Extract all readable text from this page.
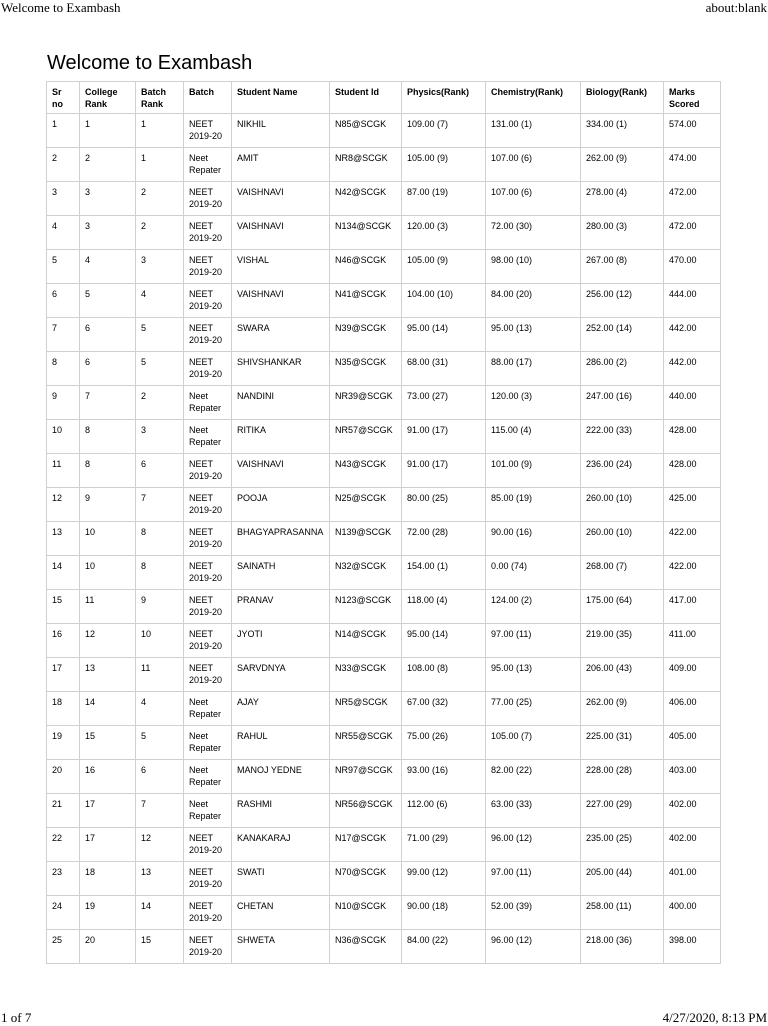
Welcome to Exambash	about:blank
Welcome to Exambash
Sr no	College Rank	Batch Rank	Batch	Student Name	Student Id	Physics(Rank)	Chemistry(Rank)	Biology(Rank)	Marks Scored
1	1	1	NEET 2019-20	NIKHIL	N85@SCGK	109.00 (7)	131.00 (1)	334.00 (1)	574.00
2	2	1	Neet Repater	AMIT	NR8@SCGK	105.00 (9)	107.00 (6)	262.00 (9)	474.00
3	3	2	NEET 2019-20	VAISHNAVI	N42@SCGK	87.00 (19)	107.00 (6)	278.00 (4)	472.00
4	3	2	NEET 2019-20	VAISHNAVI	N134@SCGK	120.00 (3)	72.00 (30)	280.00 (3)	472.00
5	4	3	NEET 2019-20	VISHAL	N46@SCGK	105.00 (9)	98.00 (10)	267.00 (8)	470.00
6	5	4	NEET 2019-20	VAISHNAVI	N41@SCGK	104.00 (10)	84.00 (20)	256.00 (12)	444.00
7	6	5	NEET 2019-20	SWARA	N39@SCGK	95.00 (14)	95.00 (13)	252.00 (14)	442.00
8	6	5	NEET 2019-20	SHIVSHANKAR	N35@SCGK	68.00 (31)	88.00 (17)	286.00 (2)	442.00
9	7	2	Neet Repater	NANDINI	NR39@SCGK	73.00 (27)	120.00 (3)	247.00 (16)	440.00
10	8	3	Neet Repater	RITIKA	NR57@SCGK	91.00 (17)	115.00 (4)	222.00 (33)	428.00
11	8	6	NEET 2019-20	VAISHNAVI	N43@SCGK	91.00 (17)	101.00 (9)	236.00 (24)	428.00
12	9	7	NEET 2019-20	POOJA	N25@SCGK	80.00 (25)	85.00 (19)	260.00 (10)	425.00
13	10	8	NEET 2019-20	BHAGYAPRASANNA	N139@SCGK	72.00 (28)	90.00 (16)	260.00 (10)	422.00
14	10	8	NEET 2019-20	SAINATH	N32@SCGK	154.00 (1)	0.00 (74)	268.00 (7)	422.00
15	11	9	NEET 2019-20	PRANAV	N123@SCGK	118.00 (4)	124.00 (2)	175.00 (64)	417.00
16	12	10	NEET 2019-20	JYOTI	N14@SCGK	95.00 (14)	97.00 (11)	219.00 (35)	411.00
17	13	11	NEET 2019-20	SARVDNYA	N33@SCGK	108.00 (8)	95.00 (13)	206.00 (43)	409.00
18	14	4	Neet Repater	AJAY	NR5@SCGK	67.00 (32)	77.00 (25)	262.00 (9)	406.00
19	15	5	Neet Repater	RAHUL	NR55@SCGK	75.00 (26)	105.00 (7)	225.00 (31)	405.00
20	16	6	Neet Repater	MANOJ YEDNE	NR97@SCGK	93.00 (16)	82.00 (22)	228.00 (28)	403.00
21	17	7	Neet Repater	RASHMI	NR56@SCGK	112.00 (6)	63.00 (33)	227.00 (29)	402.00
22	17	12	NEET 2019-20	KANAKARAJ	N17@SCGK	71.00 (29)	96.00 (12)	235.00 (25)	402.00
23	18	13	NEET 2019-20	SWATI	N70@SCGK	99.00 (12)	97.00 (11)	205.00 (44)	401.00
24	19	14	NEET 2019-20	CHETAN	N10@SCGK	90.00 (18)	52.00 (39)	258.00 (11)	400.00
25	20	15	NEET 2019-20	SHWETA	N36@SCGK	84.00 (22)	96.00 (12)	218.00 (36)	398.00
1 of 7	4/27/2020, 8:13 PM
